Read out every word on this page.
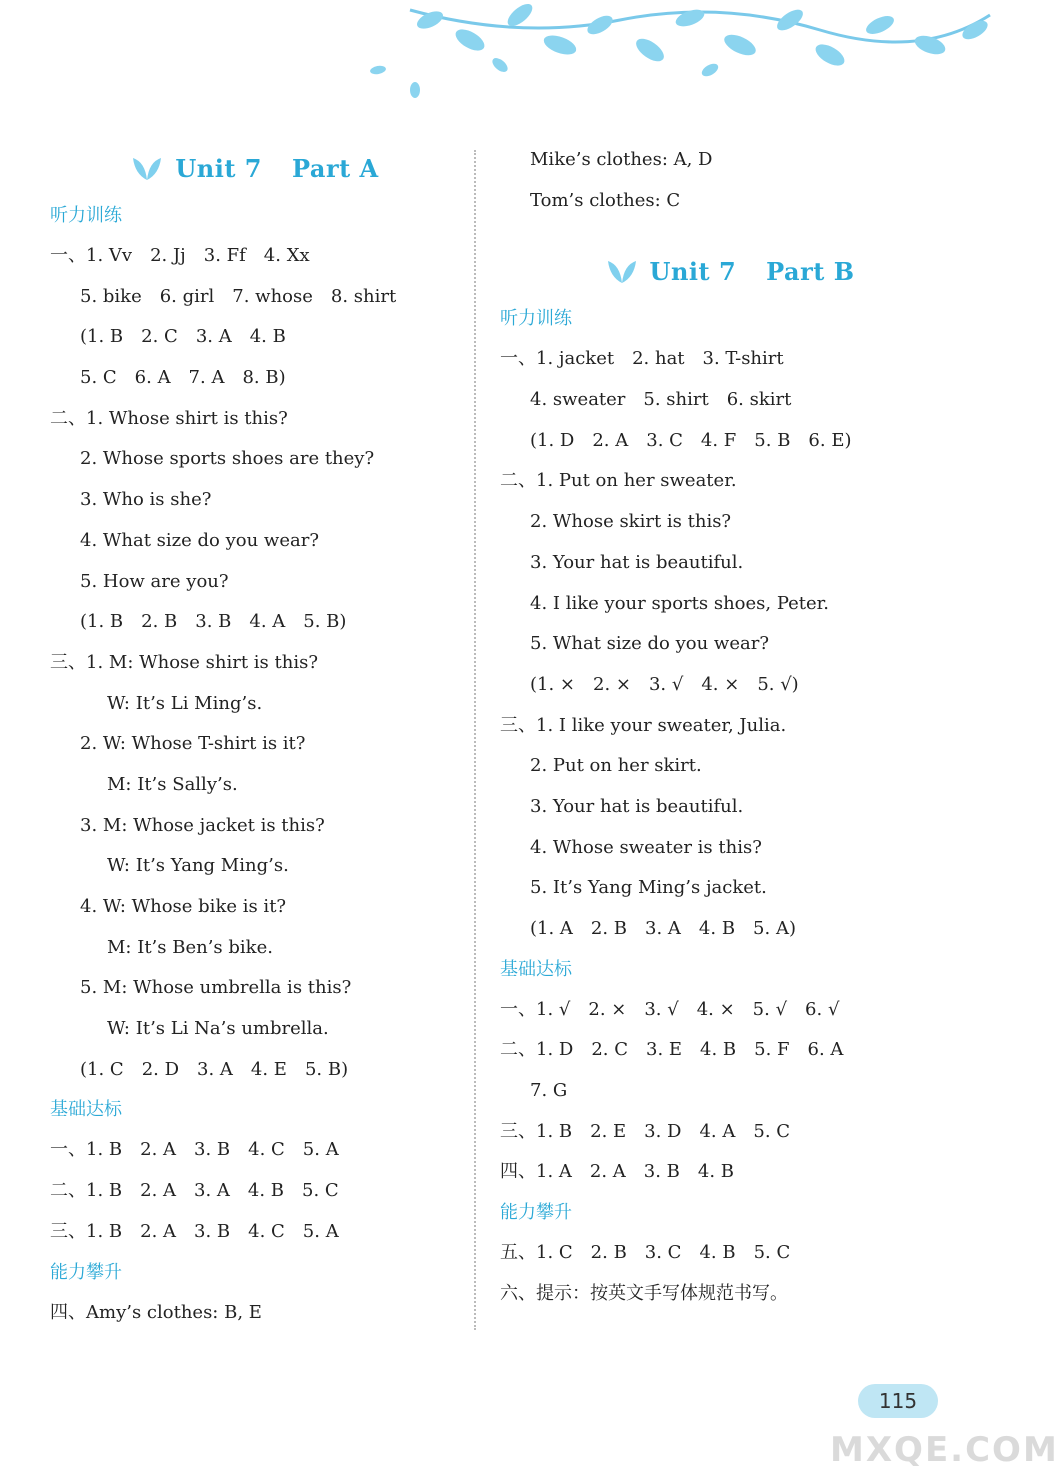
Unit 7 Part A
听力训练
一、1. Vv　2. Jj　3. Ff　4. Xx
5. bike　6. girl　7. whose　8. shirt
(1. B　2. C　3. A　4. B
5. C　6. A　7. A　8. B)
二、1. Whose shirt is this?
2. Whose sports shoes are they?
3. Who is she?
4. What size do you wear?
5. How are you?
(1. B　2. B　3. B　4. A　5. B)
三、1. M: Whose shirt is this?
W: It’s Li Ming’s.
2. W: Whose T-shirt is it?
M: It’s Sally’s.
3. M: Whose jacket is this?
W: It’s Yang Ming’s.
4. W: Whose bike is it?
M: It’s Ben’s bike.
5. M: Whose umbrella is this?
W: It’s Li Na’s umbrella.
(1. C　2. D　3. A　4. E　5. B)
基础达标
一、1. B　2. A　3. B　4. C　5. A
二、1. B　2. A　3. A　4. B　5. C
三、1. B　2. A　3. B　4. C　5. A
能力攀升
四、Amy’s clothes: B, E
Mike’s clothes: A, D
Tom’s clothes: C
Unit 7 Part B
听力训练
一、1. jacket　2. hat　3. T-shirt
4. sweater　5. shirt　6. skirt
(1. D　2. A　3. C　4. F　5. B　6. E)
二、1. Put on her sweater.
2. Whose skirt is this?
3. Your hat is beautiful.
4. I like your sports shoes, Peter.
5. What size do you wear?
(1. ×　2. ×　3. √　4. ×　5. √)
三、1. I like your sweater, Julia.
2. Put on her skirt.
3. Your hat is beautiful.
4. Whose sweater is this?
5. It’s Yang Ming’s jacket.
(1. A　2. B　3. A　4. B　5. A)
基础达标
一、1. √　2. ×　3. √　4. ×　5. √　6. √
二、1. D　2. C　3. E　4. B　5. F　6. A
7. G
三、1. B　2. E　3. D　4. A　5. C
四、1. A　2. A　3. B　4. B
能力攀升
五、1. C　2. B　3. C　4. B　5. C
六、提示：按英文手写体规范书写。
115
MXQE.COM
